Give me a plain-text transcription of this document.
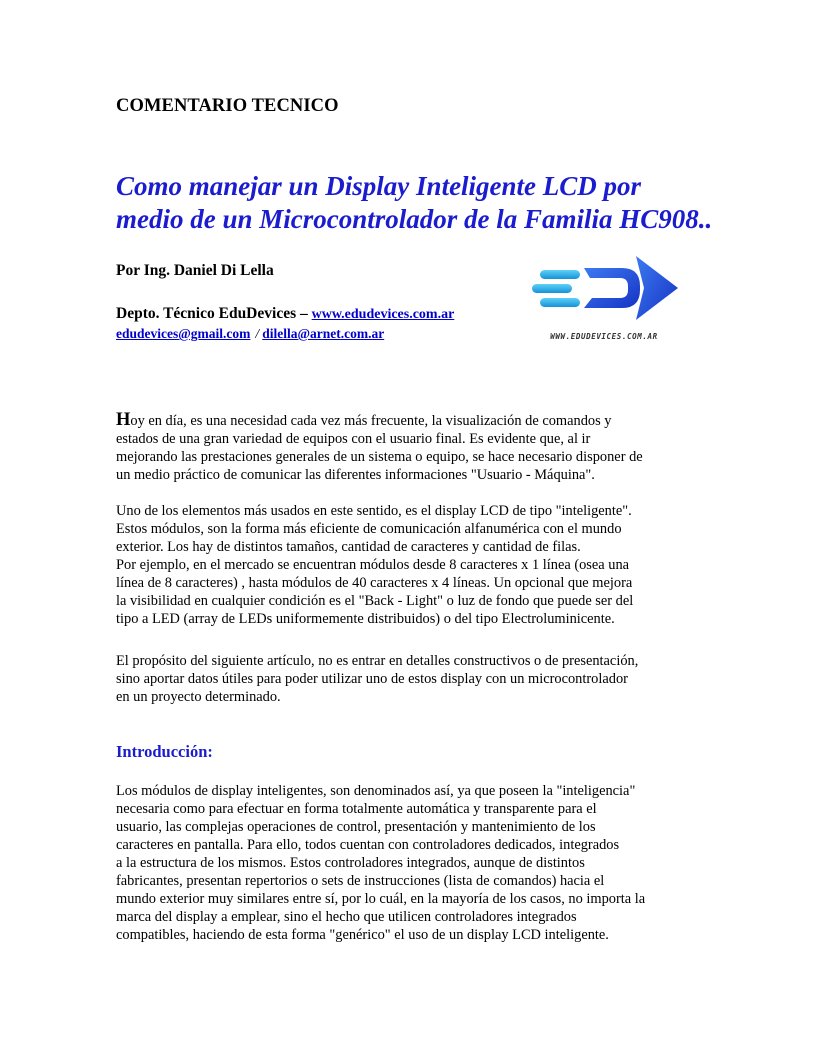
COMENTARIO TECNICO
Como manejar un Display Inteligente LCD por
medio de un Microcontrolador de la Familia HC908..
Por Ing. Daniel Di Lella
Depto. Técnico EduDevices – www.edudevices.com.ar
edudevices@gmail.com / dilella@arnet.com.ar	WWW.EDUDEVICES.COM.AR
Hoy en día, es una necesidad cada vez más frecuente, la visualización de comandos y
estados de una gran variedad de equipos con el usuario final. Es evidente que, al ir
mejorando las prestaciones generales de un sistema o equipo, se hace necesario disponer de
un medio práctico de comunicar las diferentes informaciones "Usuario - Máquina".
Uno de los elementos más usados en este sentido, es el display LCD de tipo "inteligente".
Estos módulos, son la forma más eficiente de comunicación alfanumérica con el mundo
exterior. Los hay de distintos tamaños, cantidad de caracteres y cantidad de filas.
Por ejemplo, en el mercado se encuentran módulos desde 8 caracteres x 1 línea (osea una
línea de 8 caracteres) , hasta módulos de 40 caracteres x 4 líneas. Un opcional que mejora
la visibilidad en cualquier condición es el "Back - Light" o luz de fondo que puede ser del
tipo a LED (array de LEDs uniformemente distribuidos) o del tipo Electroluminicente.
El propósito del siguiente artículo, no es entrar en detalles constructivos o de presentación,
sino aportar datos útiles para poder utilizar uno de estos display con un microcontrolador
en un proyecto determinado.
Introducción:
Los módulos de display inteligentes, son denominados así, ya que poseen la "inteligencia"
necesaria como para efectuar en forma totalmente automática y transparente para el
usuario, las complejas operaciones de control, presentación y mantenimiento de los
caracteres en pantalla. Para ello, todos cuentan con controladores dedicados, integrados
a la estructura de los mismos. Estos controladores integrados, aunque de distintos
fabricantes, presentan repertorios o sets de instrucciones (lista de comandos) hacia el
mundo exterior muy similares entre sí, por lo cuál, en la mayoría de los casos, no importa la
marca del display a emplear, sino el hecho que utilicen controladores integrados
compatibles, haciendo de esta forma "genérico" el uso de un display LCD inteligente.
